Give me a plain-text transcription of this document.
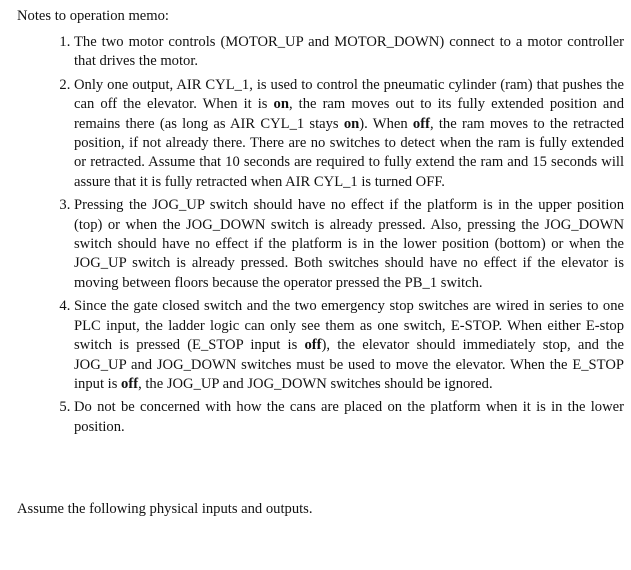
Notes to operation memo:

1. The two motor controls (MOTOR_UP and MOTOR_DOWN) connect to a motor controller that drives the motor.
2. Only one output, AIR CYL_1, is used to control the pneumatic cylinder (ram) that pushes the can off the elevator. When it is on, the ram moves out to its fully extended position and remains there (as long as AIR CYL_1 stays on). When off, the ram moves to the retracted position, if not already there. There are no switches to detect when the ram is fully extended or retracted. Assume that 10 seconds are required to fully extend the ram and 15 seconds will assure that it is fully retracted when AIR CYL_1 is turned OFF.
3. Pressing the JOG_UP switch should have no effect if the platform is in the upper position (top) or when the JOG_DOWN switch is already pressed. Also, pressing the JOG_DOWN switch should have no effect if the platform is in the lower position (bottom) or when the JOG_UP switch is already pressed. Both switches should have no effect if the elevator is moving between floors because the operator pressed the PB_1 switch.
4. Since the gate closed switch and the two emergency stop switches are wired in series to one PLC input, the ladder logic can only see them as one switch, E-STOP. When either E-stop switch is pressed (E_STOP input is off), the elevator should immediately stop, and the JOG_UP and JOG_DOWN switches must be used to move the elevator. When the E_STOP input is off, the JOG_UP and JOG_DOWN switches should be ignored.
5. Do not be concerned with how the cans are placed on the platform when it is in the lower position.

Assume the following physical inputs and outputs.
